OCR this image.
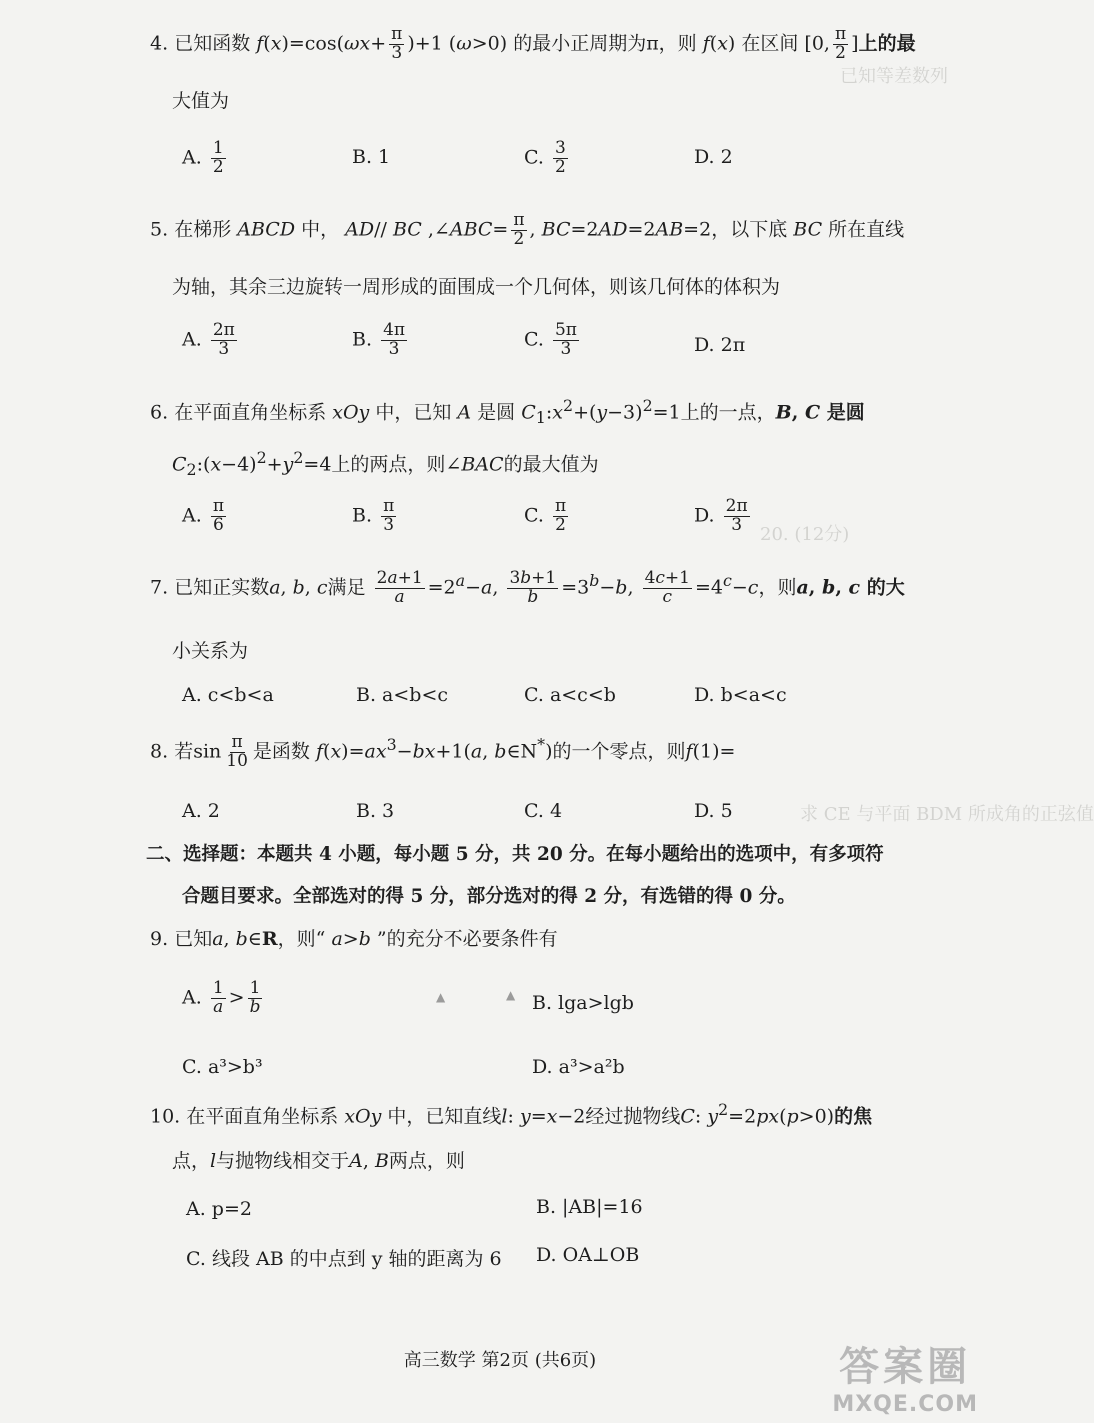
已知等差数列
20. (12分)
求 CE 与平面 BDM 所成角的正弦值
▲	▲
4. 已知函数 $f(x)=\cos(\omega x+ \frac{\pi}{3} )+1$ (ω>0) 的最小正周期为π，则 f(x) 在区间 [0, $\frac{\pi}{2}$ ]上的最
大值为
A. $\frac{1}{2}$	B. 1	C. $\frac{3}{2}$	D. 2
5. 在梯形 ABCD 中， AD// BC ,∠ABC= $\frac{\pi}{2}$ , BC=2AD=2AB=2，以下底 BC 所在直线
为轴，其余三边旋转一周形成的面围成一个几何体，则该几何体的体积为
A. $\frac{2\pi}{3}$	B. $\frac{4\pi}{3}$	C. $\frac{5\pi}{3}$	D. 2π
6. 在平面直角坐标系 xOy 中，已知 A 是圆 $C_1:x^2+(y-3)^2=1$上的一点，B, C 是圆
$C_2:(x-4)^2+y^2=4$上的两点，则∠BAC的最大值为
A. $\frac{\pi}{6}$	B. $\frac{\pi}{3}$	C. $\frac{\pi}{2}$	D. $\frac{2\pi}{3}$
7. 已知正实数a, b, c满足 $\frac{2a+1}{a} =2^a-a$, $\frac{3b+1}{b} =3^b-b$, $\frac{4c+1}{c} =4^c-c$，则a, b, c 的大
小关系为
A. c<b<a	B. a<b<c	C. a<c<b	D. b<a<c
8. 若$\sin \frac{\pi}{10}$ 是函数 $f(x)=ax^3-bx+1(a$, b∈N*)的一个零点，则f(1)=
A. 2	B. 3	C. 4	D. 5
二、选择题：本题共 4 小题，每小题 5 分，共 20 分。在每小题给出的选项中，有多项符
合题目要求。全部选对的得 5 分，部分选对的得 2 分，有选错的得 0 分。
9. 已知a, b∈R，则“ a>b ”的充分不必要条件有
A. $\frac{1}{a} > \frac{1}{b}$	B. lga>lgb
C. a³>b³	D. a³>a²b
10. 在平面直角坐标系 xOy 中，已知直线l: y=x−2经过抛物线C: $y^2=2px(p>0)$的焦
点，l与抛物线相交于A, B两点，则
A. p=2	B. |AB|=16
C. 线段 AB 的中点到 y 轴的距离为 6 D. OA⊥OB
高三数学 第2页 (共6页)	答案圈
MXQE.COM
